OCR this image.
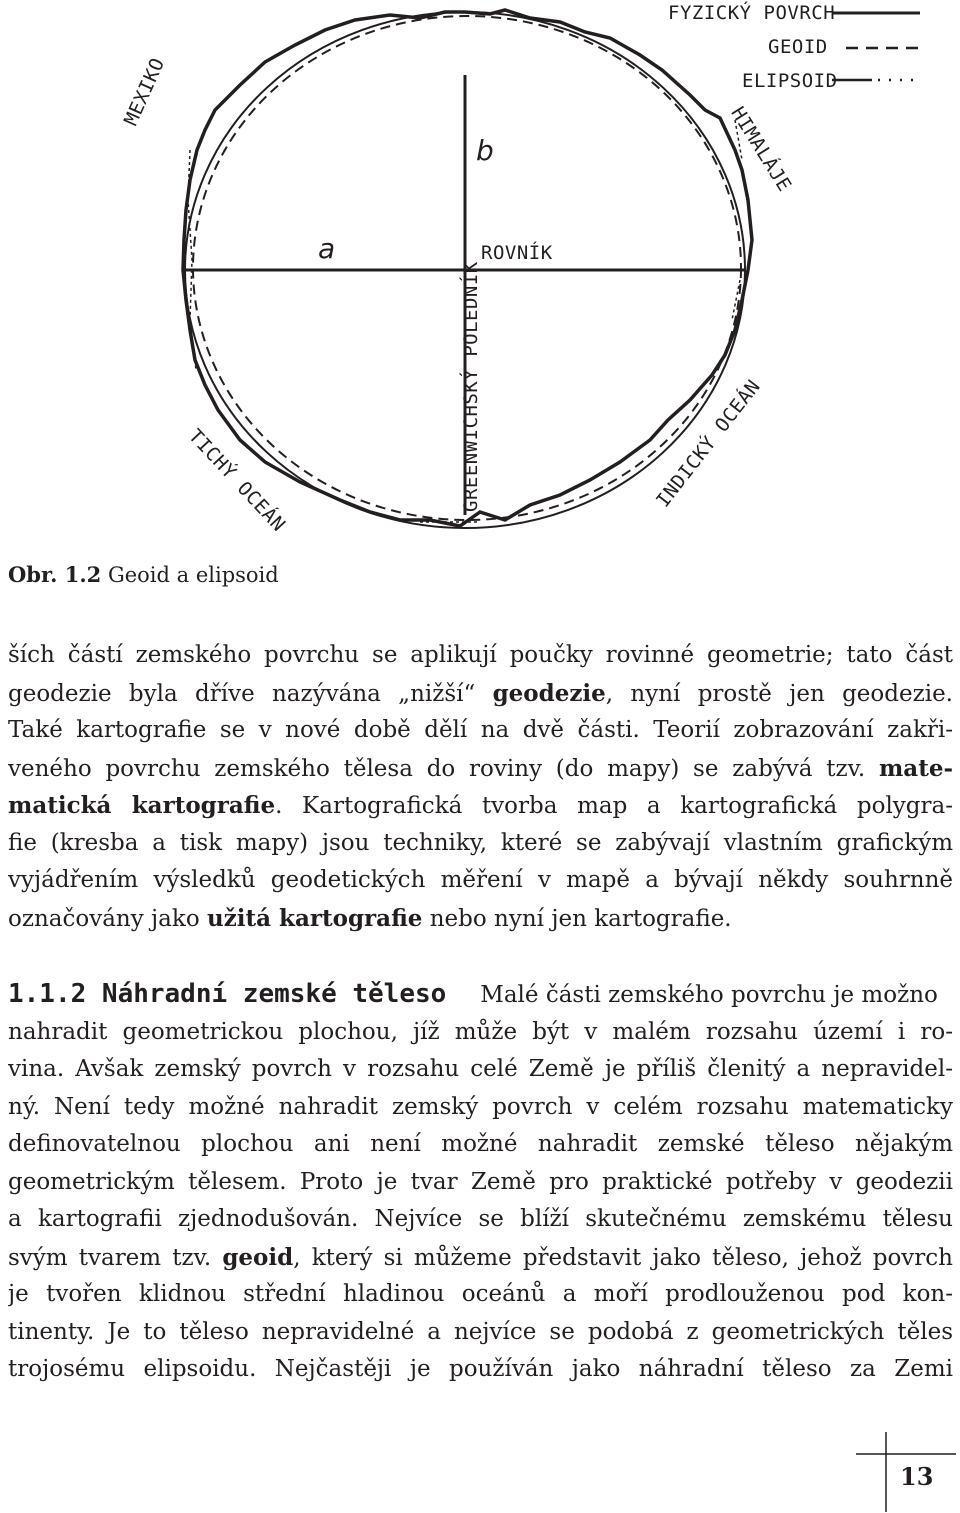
FYZICKÝ POVRCH
GEOID
ELIPSOID
MEXIKO
HIMALÁJE
b
a	ROVNÍK
GREENWICHSKÝ POLEDNÍK
TICHÝ OCEÁN	INDICKÝ OCEÁN
Obr. 1.2 Geoid a elipsoid
ších částí zemského povrchu se aplikují poučky rovinné geometrie; tato část
geodezie byla dříve nazývána „nižší“ geodezie, nyní prostě jen geodezie.
Také kartografie se v nové době dělí na dvě části. Teorií zobrazování zakři-
veného povrchu zemského tělesa do roviny (do mapy) se zabývá tzv. mate-
matická kartografie. Kartografická tvorba map a kartografická polygra-
fie (kresba a tisk mapy) jsou techniky, které se zabývají vlastním grafickým
vyjádřením výsledků geodetických měření v mapě a bývají někdy souhrnně
označovány jako užitá kartografie nebo nyní jen kartografie.
1.1.2 Náhradní zemské těleso Malé části zemského povrchu je možno
nahradit geometrickou plochou, jíž může být v malém rozsahu území i ro-
vina. Avšak zemský povrch v rozsahu celé Země je příliš členitý a nepravidel-
ný. Není tedy možné nahradit zemský povrch v celém rozsahu matematicky
definovatelnou plochou ani není možné nahradit zemské těleso nějakým
geometrickým tělesem. Proto je tvar Země pro praktické potřeby v geodezii
a kartografii zjednodušován. Nejvíce se blíží skutečnému zemskému tělesu
svým tvarem tzv. geoid, který si můžeme představit jako těleso, jehož povrch
je tvořen klidnou střední hladinou oceánů a moří prodlouženou pod kon-
tinenty. Je to těleso nepravidelné a nejvíce se podobá z geometrických těles
trojosému elipsoidu. Nejčastěji je používán jako náhradní těleso za Zemi
13
